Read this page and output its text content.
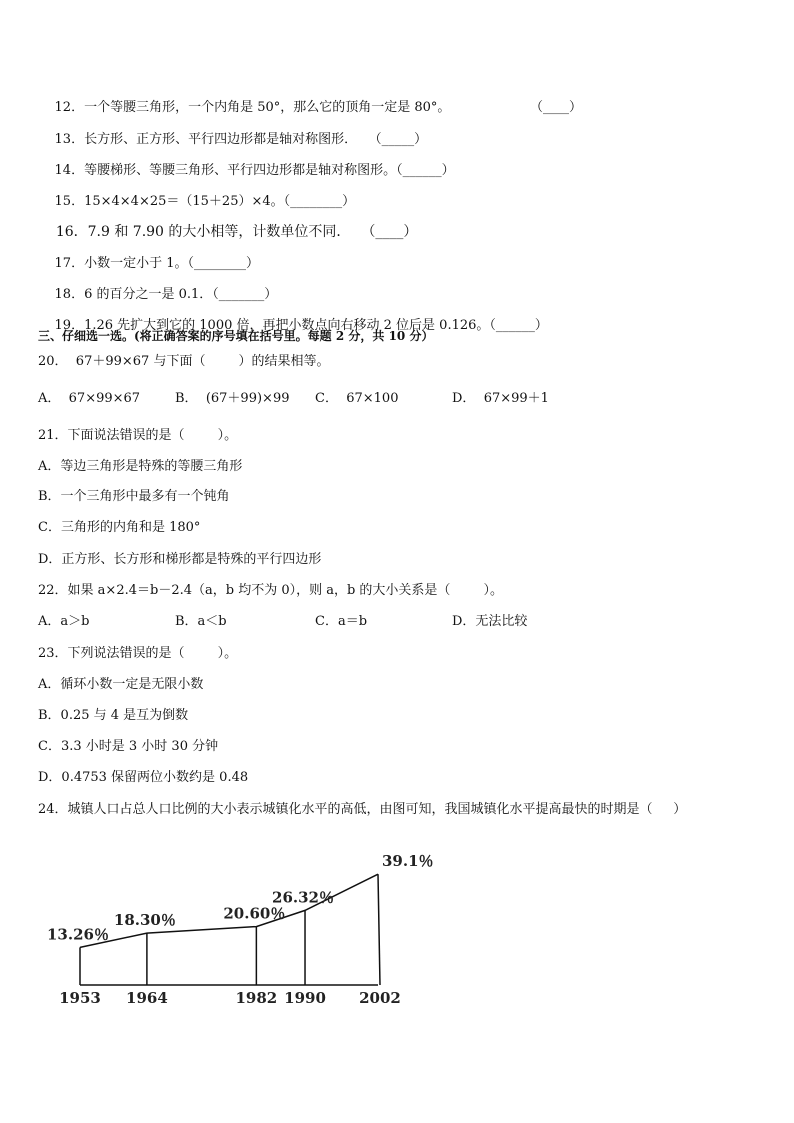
12．一个等腰三角形，一个内角是 50°，那么它的顶角一定是 80°。	（____）

13．长方形、正方形、平行四边形都是轴对称图形． （_____）

14．等腰梯形、等腰三角形、平行四边形都是轴对称图形。（______）

15．15×4×4×25＝（15＋25）×4。（________）

16．7.9 和 7.90 的大小相等，计数单位不同． （____）

17．小数一定小于 1。（________）

18．6 的百分之一是 0.1．（_______）

19．1.26 先扩大到它的 1000 倍，再把小数点向右移动 2 位后是 0.126。（______）

三、仔细选一选。(将正确答案的序号填在括号里。每题 2 分，共 10 分）
20．  67＋99×67 与下面（        ）的结果相等。
A．  67×99×67	B．  (67＋99)×99 C．  67×100	D．  67×99＋1
21．下面说法错误的是（        ）。
A．等边三角形是特殊的等腰三角形
B．一个三角形中最多有一个钝角
C．三角形的内角和是 180°
D．正方形、长方形和梯形都是特殊的平行四边形
22．如果 a×2.4＝b－2.4（a，b 均不为 0），则 a，b 的大小关系是（        ）。
A．a＞b	B．a＜b	C．a＝b	D．无法比较
23．下列说法错误的是（        ）。
A．循环小数一定是无限小数
B．0.25 与 4 是互为倒数
C．3.3 小时是 3 小时 30 分钟
D．0.4753 保留两位小数约是 0.48
24．城镇人口占总人口比例的大小表示城镇化水平的高低，由图可知，我国城镇化水平提高最快的时期是（     ）
1953
13.26％
1964
18.30％
1982
20.60％
1990
26.32％
2002
39.1％
